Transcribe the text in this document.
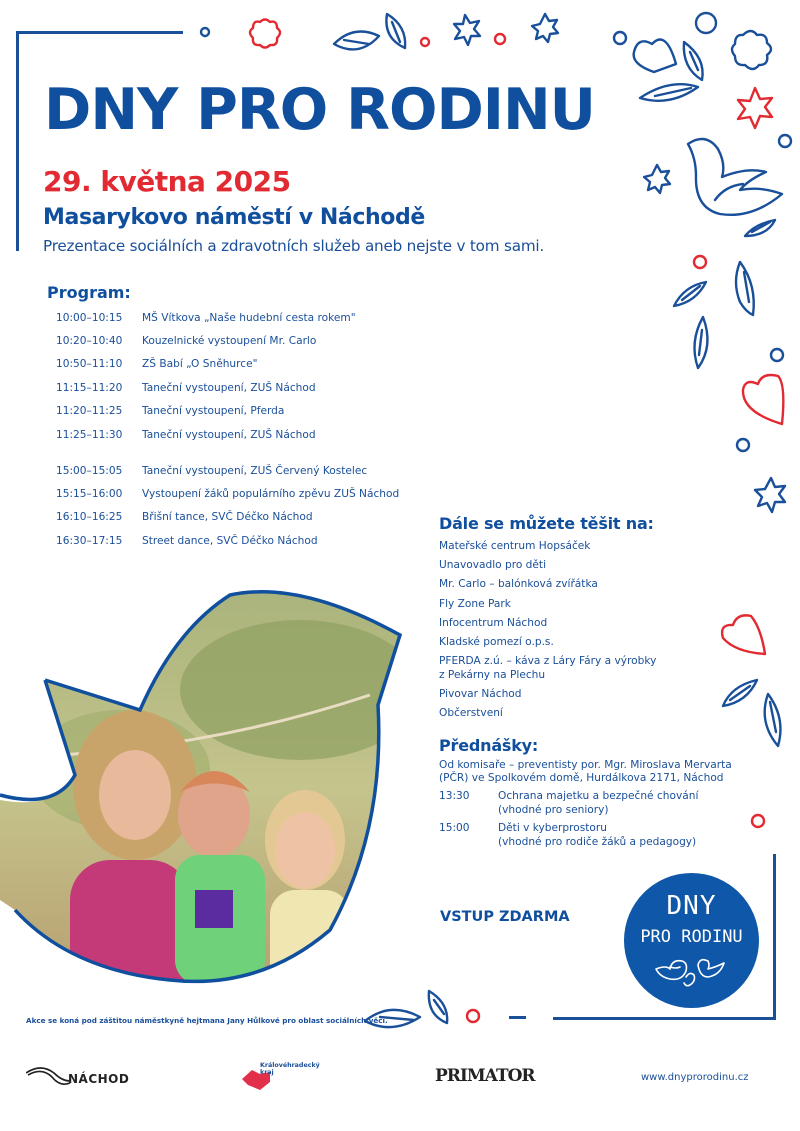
DNY PRO RODINU
29. května 2025
Masarykovo náměstí v Náchodě
Prezentace sociálních a zdravotních služeb aneb nejste v tom sami.
Program:
10:00–10:15	MŠ Vítkova „Naše hudební cesta rokem"
10:20–10:40	Kouzelnické vystoupení Mr. Carlo
10:50–11:10	ZŠ Babí „O Sněhurce"
11:15–11:20	Taneční vystoupení, ZUŠ Náchod
11:20–11:25	Taneční vystoupení, Pferda
11:25–11:30	Taneční vystoupení, ZUŠ Náchod
15:00–15:05	Taneční vystoupení, ZUŠ Červený Kostelec
15:15–16:00	Vystoupení žáků populárního zpěvu ZUŠ Náchod
16:10–16:25	Břišní tance, SVČ Déčko Náchod
16:30–17:15	Street dance, SVČ Déčko Náchod
Dále se můžete těšit na:
Mateřské centrum Hopsáček
Unavovadlo pro děti
Mr. Carlo – balónková zvířátka
Fly Zone Park
Infocentrum Náchod
Kladské pomezí o.p.s.
PFERDA z.ú. – káva z Láry Fáry a výrobky
z Pekárny na Plechu
Pivovar Náchod
Občerstvení
Přednášky:
Od komisaře – preventisty por. Mgr. Miroslava Mervarta
(PČR) ve Spolkovém domě, Hurdálkova 2171, Náchod
13:30	Ochrana majetku a bezpečné chování
(vhodné pro seniory)
15:00	Děti v kyberprostoru
(vhodné pro rodiče žáků a pedagogy)
VSTUP ZDARMA	DNY
PRO RODINU
Akce se koná pod záštitou náměstkyně hejtmana Jany Hůlkové pro oblast sociálních věcí.
NÁCHOD
Královéhradecký kraj	PRIMATOR	www.dnyprorodinu.cz
